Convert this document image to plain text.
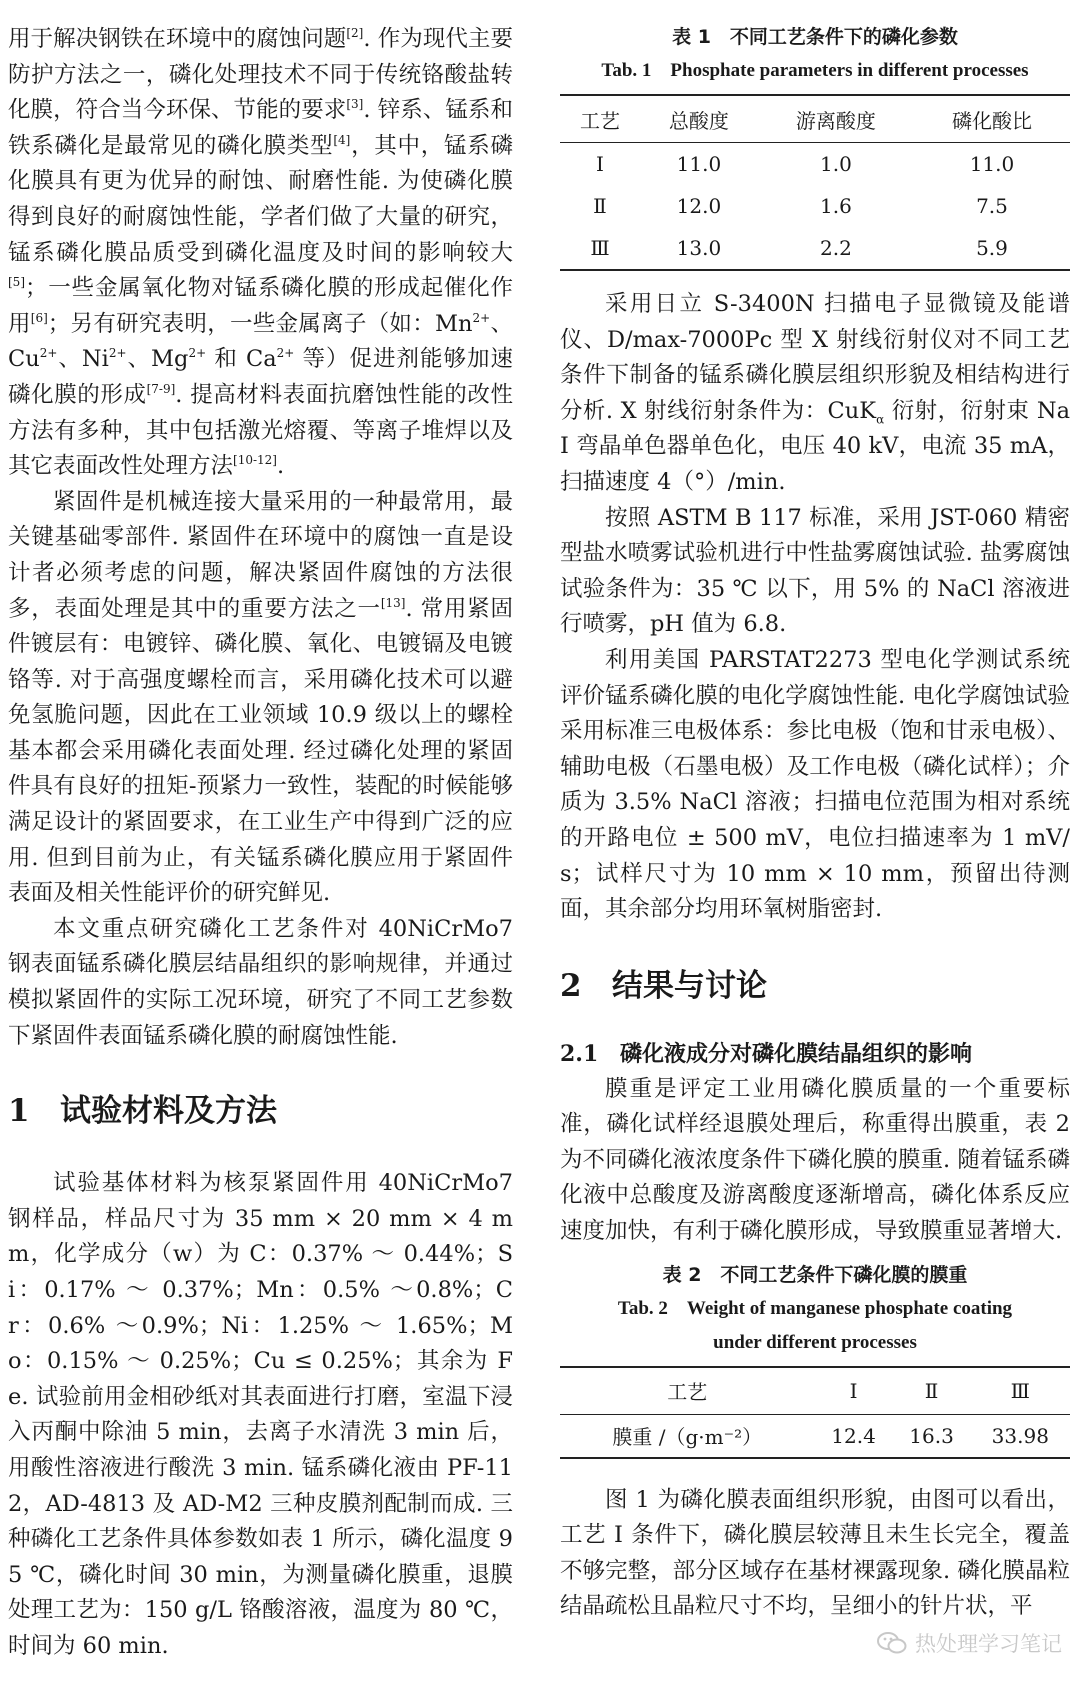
用于解决钢铁在环境中的腐蚀问题[2]. 作为现代主要防护方法之一，磷化处理技术不同于传统铬酸盐转化膜，符合当今环保、节能的要求[3]. 锌系、锰系和铁系磷化是最常见的磷化膜类型[4]，其中，锰系磷化膜具有更为优异的耐蚀、耐磨性能. 为使磷化膜得到良好的耐腐蚀性能，学者们做了大量的研究，锰系磷化膜品质受到磷化温度及时间的影响较大[5]；一些金属氧化物对锰系磷化膜的形成起催化作用[6]；另有研究表明，一些金属离子（如：$Mn^{2+}$、$Cu^{2+}$、$Ni^{2+}$、$Mg^{2+}$ 和 $Ca^{2+}$ 等）促进剂能够加速磷化膜的形成[7-9]. 提高材料表面抗磨蚀性能的改性方法有多种，其中包括激光熔覆、等离子堆焊以及其它表面改性处理方法[10-12].

紧固件是机械连接大量采用的一种最常用，最关键基础零部件. 紧固件在环境中的腐蚀一直是设计者必须考虑的问题，解决紧固件腐蚀的方法很多，表面处理是其中的重要方法之一[13]. 常用紧固件镀层有：电镀锌、磷化膜、氧化、电镀镉及电镀铬等. 对于高强度螺栓而言，采用磷化技术可以避免氢脆问题，因此在工业领域 10.9 级以上的螺栓基本都会采用磷化表面处理. 经过磷化处理的紧固件具有良好的扭矩-预紧力一致性，装配的时候能够满足设计的紧固要求，在工业生产中得到广泛的应用. 但到目前为止，有关锰系磷化膜应用于紧固件表面及相关性能评价的研究鲜见.

本文重点研究磷化工艺条件对 40NiCrMo7 钢表面锰系磷化膜层结晶组织的影响规律，并通过模拟紧固件的实际工况环境，研究了不同工艺参数下紧固件表面锰系磷化膜的耐腐蚀性能.

1 试验材料及方法

试验基体材料为核泵紧固件用 40NiCrMo7 钢样品，样品尺寸为 35 mm × 20 mm × 4 mm，化学成分（w）为 C：0.37% ～ 0.44%；Si：0.17% ～ 0.37%；Mn：0.5% ～0.8%；Cr：0.6% ～0.9%；Ni：1.25% ～ 1.65%；Mo：0.15% ～ 0.25%；Cu ≤ 0.25%；其余为 Fe. 试验前用金相砂纸对其表面进行打磨，室温下浸入丙酮中除油 5 min，去离子水清洗 3 min 后，用酸性溶液进行酸洗 3 min. 锰系磷化液由 PF-112，AD-4813 及 AD-M2 三种皮膜剂配制而成. 三种磷化工艺条件具体参数如表 1 所示，磷化温度 95 ℃，磷化时间 30 min，为测量磷化膜重，退膜处理工艺为：150 g/L 铬酸溶液，温度为 80 ℃，时间为 60 min.

表 1　不同工艺条件下的磷化参数

Tab. 1　Phosphate parameters in different processes

工艺	总酸度	游离酸度	磷化酸比
Ⅰ	11.0	1.0	11.0
Ⅱ	12.0	1.6	7.5
Ⅲ	13.0	2.2	5.9

采用日立 S-3400N 扫描电子显微镜及能谱仪、D/max-7000Pc 型 X 射线衍射仪对不同工艺条件下制备的锰系磷化膜层组织形貌及相结构进行分析. X 射线衍射条件为：CuK$_\alpha$ 衍射，衍射束 NaI 弯晶单色器单色化，电压 40 kV，电流 35 mA，扫描速度 4（°）/min.

按照 ASTM B 117 标准，采用 JST-060 精密型盐水喷雾试验机进行中性盐雾腐蚀试验. 盐雾腐蚀试验条件为：35 ℃ 以下，用 5% 的 NaCl 溶液进行喷雾，pH 值为 6.8.

利用美国 PARSTAT2273 型电化学测试系统评价锰系磷化膜的电化学腐蚀性能. 电化学腐蚀试验采用标准三电极体系：参比电极（饱和甘汞电极）、辅助电极（石墨电极）及工作电极（磷化试样）；介质为 3.5% NaCl 溶液；扫描电位范围为相对系统的开路电位 ± 500 mV，电位扫描速率为 1 mV/s；试样尺寸为 10 mm × 10 mm，预留出待测面，其余部分均用环氧树脂密封.

2 结果与讨论
2.1 磷化液成分对磷化膜结晶组织的影响

膜重是评定工业用磷化膜质量的一个重要标准，磷化试样经退膜处理后，称重得出膜重，表 2 为不同磷化液浓度条件下磷化膜的膜重. 随着锰系磷化液中总酸度及游离酸度逐渐增高，磷化体系反应速度加快，有利于磷化膜形成，导致膜重显著增大.

表 2　不同工艺条件下磷化膜的膜重

Tab. 2　Weight of manganese phosphate coating

under different processes

工艺	Ⅰ	Ⅱ	Ⅲ
膜重 /（g·m⁻²）	12.4	16.3	33.98

图 1 为磷化膜表面组织形貌，由图可以看出，工艺 Ⅰ 条件下，磷化膜层较薄且未生长完全，覆盖不够完整，部分区域存在基材裸露现象. 磷化膜晶粒结晶疏松且晶粒尺寸不均，呈细小的针片状，平

热处理学习笔记
